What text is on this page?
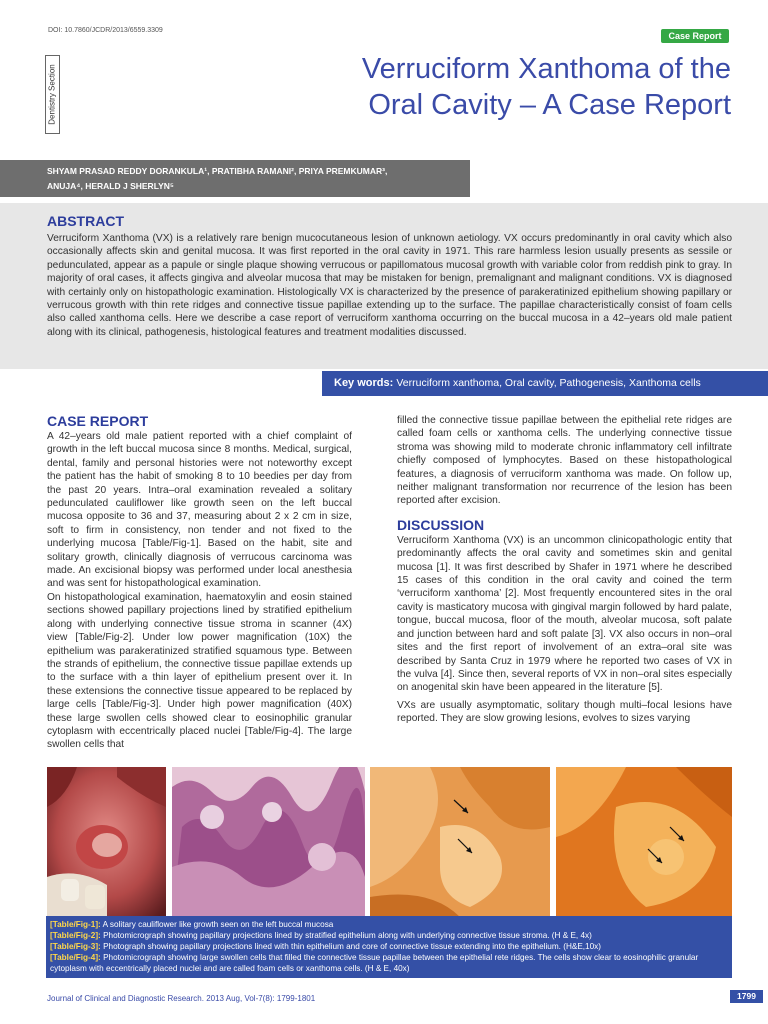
DOI: 10.7860/JCDR/2013/6559.3309
Case Report
Dentistry Section	Verruciform Xanthoma of the
Oral Cavity – A Case Report
SHYAM PRASAD REDDY DORANKULA¹, PRATIBHA RAMANI², PRIYA PREMKUMAR³,
ANUJA⁴, HERALD J SHERLYN⁵
ABSTRACT
Verruciform Xanthoma (VX) is a relatively rare benign mucocutaneous lesion of unknown aetiology. VX occurs predominantly in oral cavity which also occasionally affects skin and genital mucosa. It was first reported in the oral cavity in 1971. This rare harmless lesion usually presents as sessile or pedunculated, appear as a papule or single plaque showing verrucous or papillomatous mucosal growth with variable color from reddish pink to gray. In majority of oral cases, it affects gingiva and alveolar mucosa that may be mistaken for benign, premalignant and malignant conditions. VX is diagnosed with certainly only on histopathologic examination. Histologically VX is characterized by the presence of parakeratinized epithelium showing papillary or verrucous growth with thin rete ridges and connective tissue papillae extending up to the surface. The papillae characteristically consist of foam cells also called xanthoma cells. Here we describe a case report of verruciform xanthoma occurring on the buccal mucosa in a 42–years old male patient along with its clinical, pathogenesis, histological features and treatment modalities discussed.
Key words: Verruciform xanthoma, Oral cavity, Pathogenesis, Xanthoma cells
CASE REPORT

A 42–years old male patient reported with a chief complaint of growth in the left buccal mucosa since 8 months. Medical, surgical, dental, family and personal histories were not noteworthy except the patient has the habit of smoking 8 to 10 beedies per day from the past 20 years. Intra–oral examination revealed a solitary pedunculated cauliflower like growth seen on the left buccal mucosa opposite to 36 and 37, measuring about 2 x 2 cm in size, soft to firm in consistency, non tender and not fixed to the underlying mucosa [Table/Fig-1]. Based on the habit, site and solitary growth, clinically diagnosis of verrucous carcinoma was made. An excisional biopsy was performed under local anesthesia and was sent for histopathological examination.

On histopathological examination, haematoxylin and eosin stained sections showed papillary projections lined by stratified epithelium along with underlying connective tissue stroma in scanner (4X) view [Table/Fig-2]. Under low power magnification (10X) the epithelium was parakeratinized stratified squamous type. Between the strands of epithelium, the connective tissue papillae extends up to the surface with a thin layer of epithelium present over it. In these extensions the connective tissue appeared to be replaced by large cells [Table/Fig-3]. Under high power magnification (40X) these large swollen cells showed clear to eosinophilic granular cytoplasm with eccentrically placed nuclei [Table/Fig-4]. The large swollen cells that

filled the connective tissue papillae between the epithelial rete ridges are called foam cells or xanthoma cells. The underlying connective tissue stroma was showing mild to moderate chronic inflammatory cell infiltrate chiefly composed of lymphocytes. Based on these histopathological features, a diagnosis of verruciform xanthoma was made. On follow up, neither malignant transformation nor recurrence of the lesion has been reported after excision.

DISCUSSION

Verruciform Xanthoma (VX) is an uncommon clinicopathologic entity that predominantly affects the oral cavity and sometimes skin and genital mucosa [1]. It was first described by Shafer in 1971 where he described 15 cases of this condition in the oral cavity and coined the term ‘verruciform xanthoma’ [2]. Most frequently encountered sites in the oral cavity is masticatory mucosa with gingival margin followed by hard palate, tongue, buccal mucosa, floor of the mouth, alveolar mucosa, soft palate and junction between hard and soft palate [3]. VX also occurs in non–oral sites and the first report of involvement of an extra–oral site was described by Santa Cruz in 1979 where he reported two cases of VX in the vulva [4]. Since then, several reports of VX in non–oral sites especially on anogenital skin have been appeared in the literature [5].

VXs are usually asymptomatic, solitary though multi–focal lesions have reported. They are slow growing lesions, evolves to sizes varying

[Table/Fig-1]: A solitary cauliflower like growth seen on the left buccal mucosa
[Table/Fig-2]: Photomicrograph showing papillary projections lined by stratified epithelium along with underlying connective tissue stroma. (H & E, 4x)
[Table/Fig-3]: Photograph showing papillary projections lined with thin epithelium and core of connective tissue extending into the epithelium. (H&E,10x)
[Table/Fig-4]: Photomicrograph showing large swollen cells that filled the connective tissue papillae between the epithelial rete ridges. The cells show clear to eosinophilic granular cytoplasm with eccentrically placed nuclei and are called foam cells or xanthoma cells. (H & E, 40x)
Journal of Clinical and Diagnostic Research. 2013 Aug, Vol-7(8): 1799-1801	1799
